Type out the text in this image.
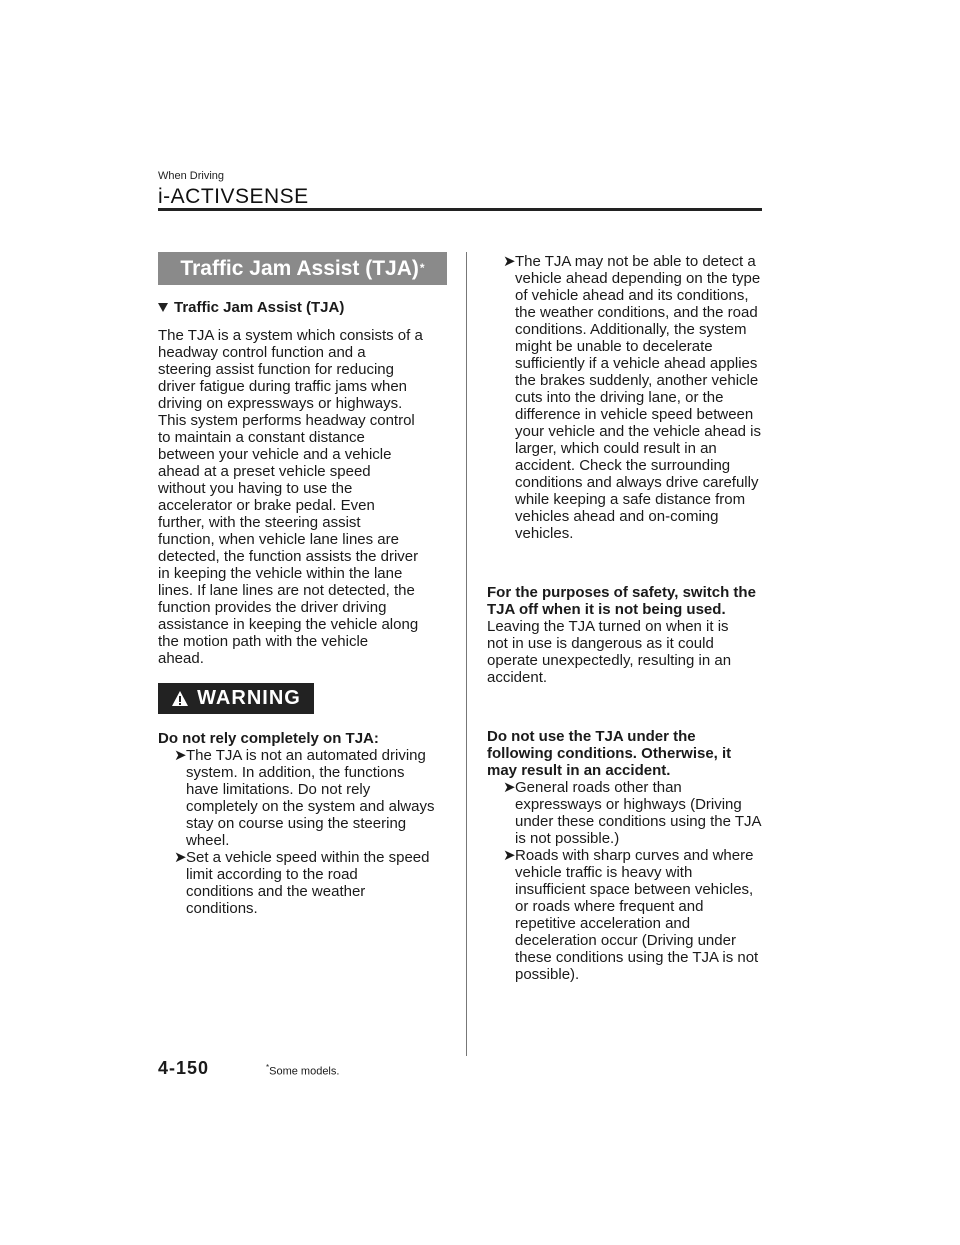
When Driving
i-ACTIVSENSE
Traffic Jam Assist (TJA) *
Traffic Jam Assist (TJA)
The TJA is a system which consists of a
headway control function and a
steering assist function for reducing
driver fatigue during traffic jams when
driving on expressways or highways.
This system performs headway control
to maintain a constant distance
between your vehicle and a vehicle
ahead at a preset vehicle speed
without you having to use the
accelerator or brake pedal. Even
further, with the steering assist
function, when vehicle lane lines are
detected, the function assists the driver
in keeping the vehicle within the lane
lines. If lane lines are not detected, the
function provides the driver driving
assistance in keeping the vehicle along
the motion path with the vehicle
ahead.
WARNING
Do not rely completely on TJA:
➤ The TJA is not an automated driving
system. In addition, the functions
have limitations. Do not rely
completely on the system and always
stay on course using the steering
wheel.
➤ Set a vehicle speed within the speed
limit according to the road
conditions and the weather
conditions.
➤ The TJA may not be able to detect a
vehicle ahead depending on the type
of vehicle ahead and its conditions,
the weather conditions, and the road
conditions. Additionally, the system
might be unable to decelerate
sufficiently if a vehicle ahead applies
the brakes suddenly, another vehicle
cuts into the driving lane, or the
difference in vehicle speed between
your vehicle and the vehicle ahead is
larger, which could result in an
accident. Check the surrounding
conditions and always drive carefully
while keeping a safe distance from
vehicles ahead and on-coming
vehicles.
For the purposes of safety, switch the
TJA off when it is not being used.
Leaving the TJA turned on when it is
not in use is dangerous as it could
operate unexpectedly, resulting in an
accident.
Do not use the TJA under the
following conditions. Otherwise, it
may result in an accident.
➤ General roads other than
expressways or highways (Driving
under these conditions using the TJA
is not possible.)
➤ Roads with sharp curves and where
vehicle traffic is heavy with
insufficient space between vehicles,
or roads where frequent and
repetitive acceleration and
deceleration occur (Driving under
these conditions using the TJA is not
possible).
4-150	*Some models.
